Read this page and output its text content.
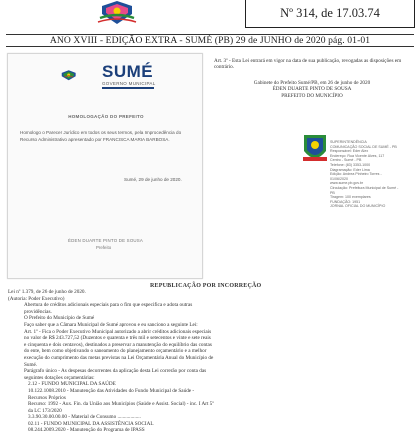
Nº 314, de 17.03.74
ANO XVIII - EDIÇÃO EXTRA - SUMÉ (PB) 29 de JUNHO de 2020 pág. 01-01
SUMÉ
GOVERNO MUNICIPAL
HOMOLOGAÇÃO DO PREFEITO
Homologo o Parecer Jurídico em todos os seus termos, pela Improcedência do Recurso Administrativo apresentado por FRANCISCA MARIA BARBOSA.
Sumé, 29 de junho de 2020.
ÉDEN DUARTE PINTO DE SOUSA
Prefeito
Art. 3º - Esta Lei entrará em vigor na data de sua publicação, revogadas as disposições em contrário.
Gabinete do Prefeito Sumé/PB, em 26 de junho de 2020
ÉDEN DUARTE PINTO DE SOUSA
PREFEITO DO MUNICÍPIO
SUPERINTENDÊNCIA
COMUNICAÇÃO SOCIAL DE SUMÉ - PB
Responsável: Eder Alex
Endereço: Rua Vicente Alves, 117
Centro - Sumé - PB
Telefone: (83) 3353-1000
Diagramação: Eder Lima
Edição: Andrea Pinheiro Torres - 01/06/2020
www.sume.pb.gov.br
Circulação: Prefeitura Municipal de Sumé - PB
Tiragem: 100 exemplares
FUNDAÇÃO: 1951
JORNAL OFICIAL DO MUNICÍPIO
REPUBLICAÇÃO POR INCORREÇÃO

Lei nº 1.379, de 26 de junho de 2020.

(Autoria: Poder Executivo)

Abertura de créditos adicionais especiais para o fim que especifica e adota outras providências.

O Prefeito do Município de Sumé

Faço saber que a Câmara Municipal de Sumé aprovou e eu sanciono a seguinte Lei:

Art. 1º - Fica o Poder Executivo Municipal autorizado a abrir créditos adicionais especiais no valor de R$ 243.727,52 (Duzentos e quarenta e três mil e setecentos e vinte e sete reais e cinquenta e dois centavos), destinados a preservar a manutenção do equilíbrio das contas do ente, bem como objetivando o saneamento do planejamento orçamentário e a melhor execução do cumprimento das metas previstas na Lei Orçamentária Anual do Município de Sumé.

Parágrafo único - As despesas decorrentes da aplicação desta Lei correrão por conta das seguintes dotações orçamentárias:

2.12 - FUNDO MUNICIPAL DA SAÚDE

10.122.1008.2010 - Manutenção das Atividades do Fundo Municipal de Saúde - Recursos Próprios

Recurso: 1992 - Aux. Fin. da União aos Municípios (Saúde e Assist. Social) - inc. I Art 5º da LC 173/2020

3.3.90.30.00.00.00 - Material de Consumo ..................

02.11 - FUNDO MUNICIPAL DA ASSISTÊNCIA SOCIAL

08.244.2009.2020 - Manutenção do Programa de IPASS
